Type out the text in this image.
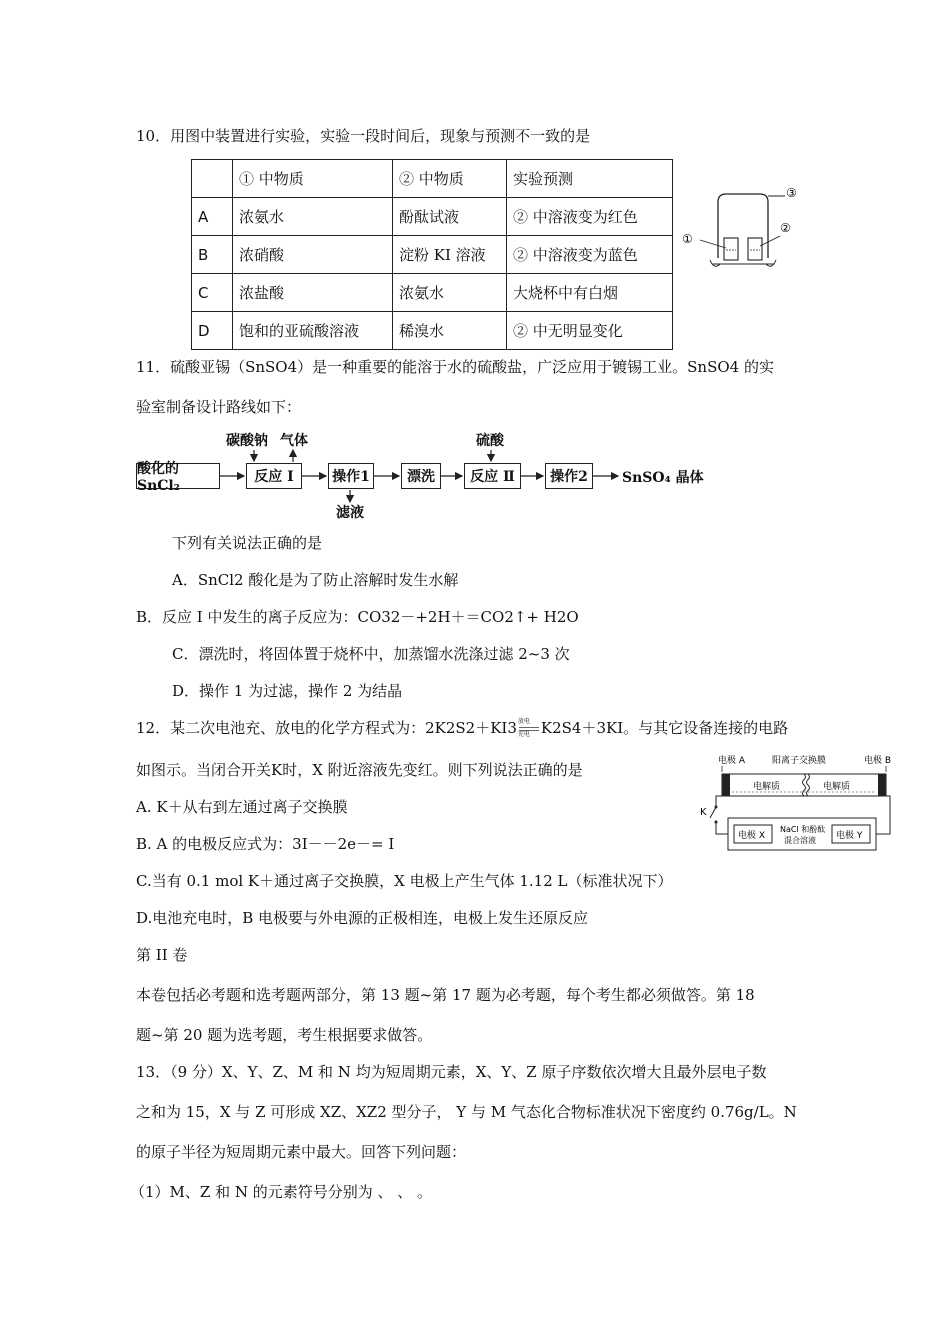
10．用图中装置进行实验，实验一段时间后，现象与预测不一致的是
	① 中物质	② 中物质	实验预测
A	浓氨水	酚酞试液	② 中溶液变为红色
B	浓硝酸	淀粉 KI 溶液	② 中溶液变为蓝色
C	浓盐酸	浓氨水	大烧杯中有白烟
D	饱和的亚硫酸溶液	稀溴水	② 中无明显变化
①
②
③
11．硫酸亚锡（SnSO4）是一种重要的能溶于水的硫酸盐，广泛应用于镀锡工业。SnSO4 的实
验室制备设计路线如下：
酸化的SnCl₂
反应 Ⅰ	操作1	漂洗	反应 Ⅱ	操作2	SnSO₄ 晶体
碳酸钠 气体
滤液
硫酸
下列有关说法正确的是
A．SnCl2 酸化是为了防止溶解时发生水解
B．反应 I 中发生的离子反应为：CO32－+2H＋＝CO2↑+ H2O
C．漂洗时，将固体置于烧杯中，加蒸馏水洗涤过滤 2~3 次
D．操作 1 为过滤，操作 2 为结晶
12．某二次电池充、放电的化学方程式为：2K2S2＋KI3 放电
充电 K2S4＋3KI。与其它设备连接的电路
如图示。当闭合开关K时，X 附近溶液先变红。则下列说法正确的是
A. K＋从右到左通过离子交换膜
B. A 的电极反应式为：3I－－2e－= I
C.当有 0.1 mol K＋通过离子交换膜，X 电极上产生气体 1.12 L（标准状况下）
D.电池充电时，B 电极要与外电源的正极相连，电极上发生还原反应
电极 A	阳离子交换膜	电极 B
电解质	电解质
K
电极 X	电极 Y
NaCl 和酚酞
混合溶液
第 II 卷
本卷包括必考题和选考题两部分，第 13 题~第 17 题为必考题，每个考生都必须做答。第 18
题~第 20 题为选考题，考生根据要求做答。
13．（9 分）X、Y、Z、M 和 N 均为短周期元素，X、Y、Z 原子序数依次增大且最外层电子数
之和为 15，X 与 Z 可形成 XZ、XZ2 型分子， Y 与 M 气态化合物标准状况下密度约 0.76g/L。N
的原子半径为短周期元素中最大。回答下列问题：
（1）M、Z 和 N 的元素符号分别为 、 、 。
